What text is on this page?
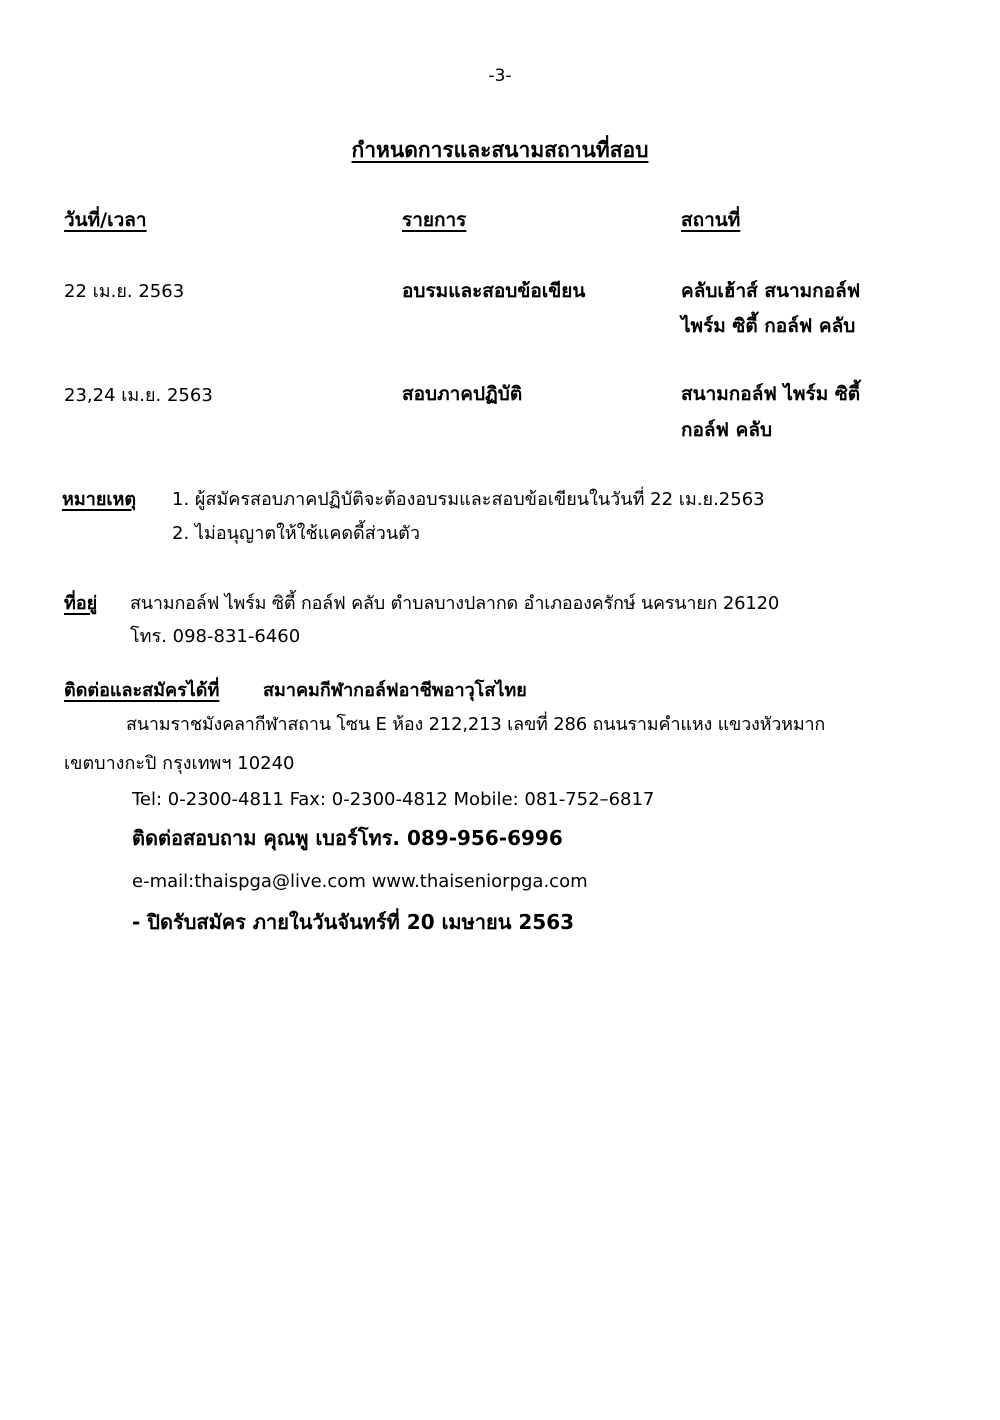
-3-
กำหนดการและสนามสถานที่สอบ
วันที่/เวลา	รายการ	สถานที่
22 เม.ย. 2563	อบรมและสอบข้อเขียน	คลับเฮ้าส์ สนามกอล์ฟ
ไพร์ม ซิตี้ กอล์ฟ คลับ
23,24 เม.ย. 2563	สอบภาคปฏิบัติ	สนามกอล์ฟ ไพร์ม ซิตี้
กอล์ฟ คลับ
หมายเหตุ 1. ผู้สมัครสอบภาคปฏิบัติจะต้องอบรมและสอบข้อเขียนในวันที่ 22 เม.ย.2563
2. ไม่อนุญาตให้ใช้แคดดี้ส่วนตัว
ที่อยู่ สนามกอล์ฟ ไพร์ม ซิตี้ กอล์ฟ คลับ ตำบลบางปลากด อำเภอองครักษ์ นครนายก 26120
โทร. 098-831-6460
ติดต่อและสมัครได้ที่ สมาคมกีฬากอล์ฟอาชีพอาวุโสไทย
สนามราชมังคลากีฬาสถาน โซน E ห้อง 212,213 เลขที่ 286 ถนนรามคำแหง แขวงหัวหมาก
เขตบางกะปิ กรุงเทพฯ 10240
Tel: 0-2300-4811 Fax: 0-2300-4812 Mobile: 081-752–6817
ติดต่อสอบถาม คุณพู เบอร์โทร. 089-956-6996
e-mail:thaispga@live.com www.thaiseniorpga.com
- ปิดรับสมัคร ภายในวันจันทร์ที่ 20 เมษายน 2563
